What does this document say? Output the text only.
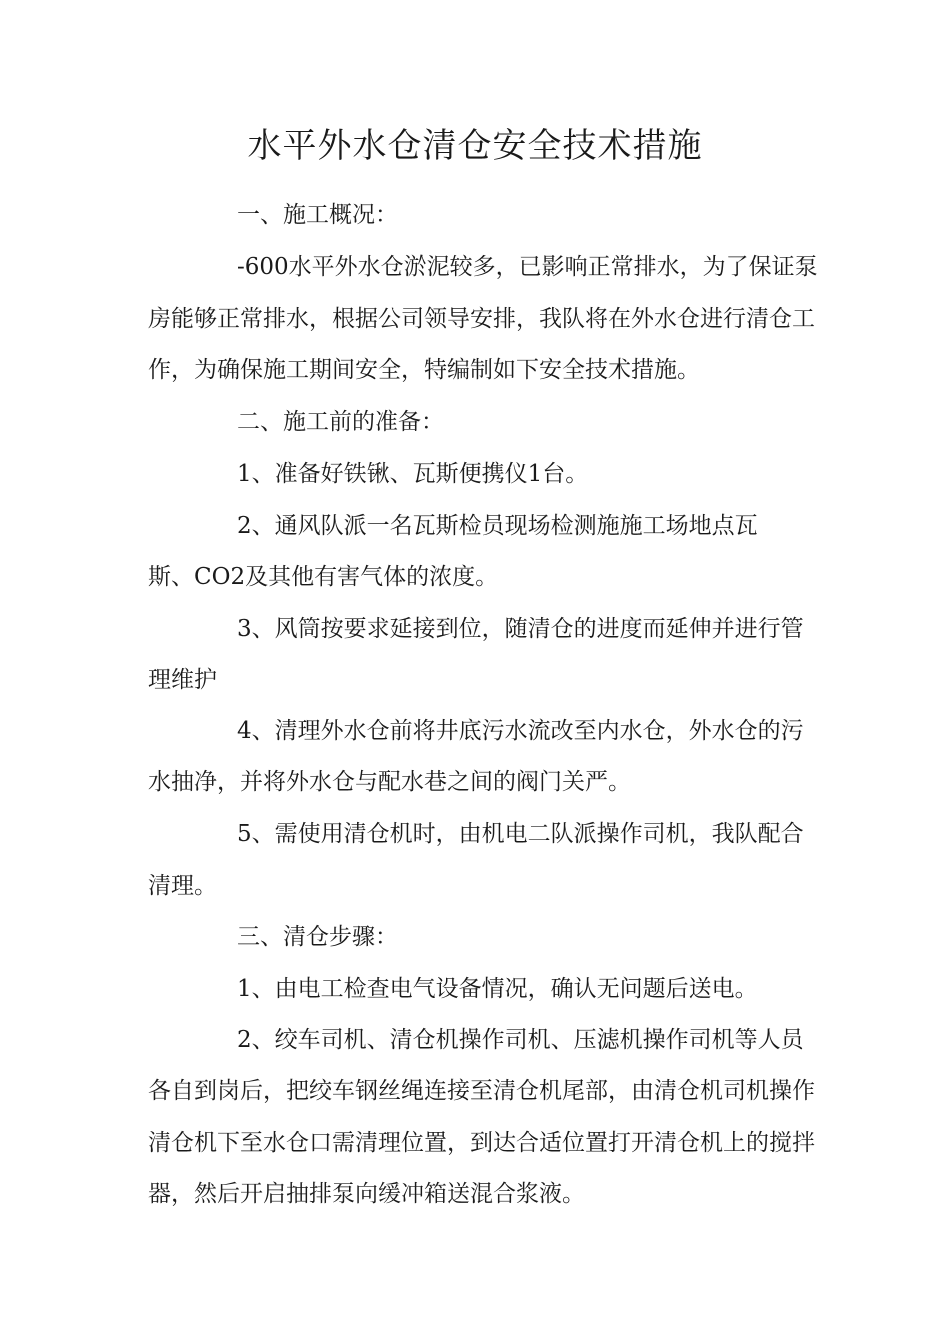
水平外水仓清仓安全技术措施
一、施工概况：
-600水平外水仓淤泥较多，已影响正常排水，为了保证泵
房能够正常排水，根据公司领导安排，我队将在外水仓进行清仓工
作，为确保施工期间安全，特编制如下安全技术措施。
二、施工前的准备：
1、准备好铁锹、瓦斯便携仪1台。
2、通风队派一名瓦斯检员现场检测施施工场地点瓦
斯、CO2及其他有害气体的浓度。
3、风筒按要求延接到位，随清仓的进度而延伸并进行管
理维护
4、清理外水仓前将井底污水流改至内水仓，外水仓的污
水抽净，并将外水仓与配水巷之间的阀门关严。
5、需使用清仓机时，由机电二队派操作司机，我队配合
清理。
三、清仓步骤：
1、由电工检查电气设备情况，确认无问题后送电。
2、绞车司机、清仓机操作司机、压滤机操作司机等人员
各自到岗后，把绞车钢丝绳连接至清仓机尾部，由清仓机司机操作
清仓机下至水仓口需清理位置，到达合适位置打开清仓机上的搅拌
器，然后开启抽排泵向缓冲箱送混合浆液。
